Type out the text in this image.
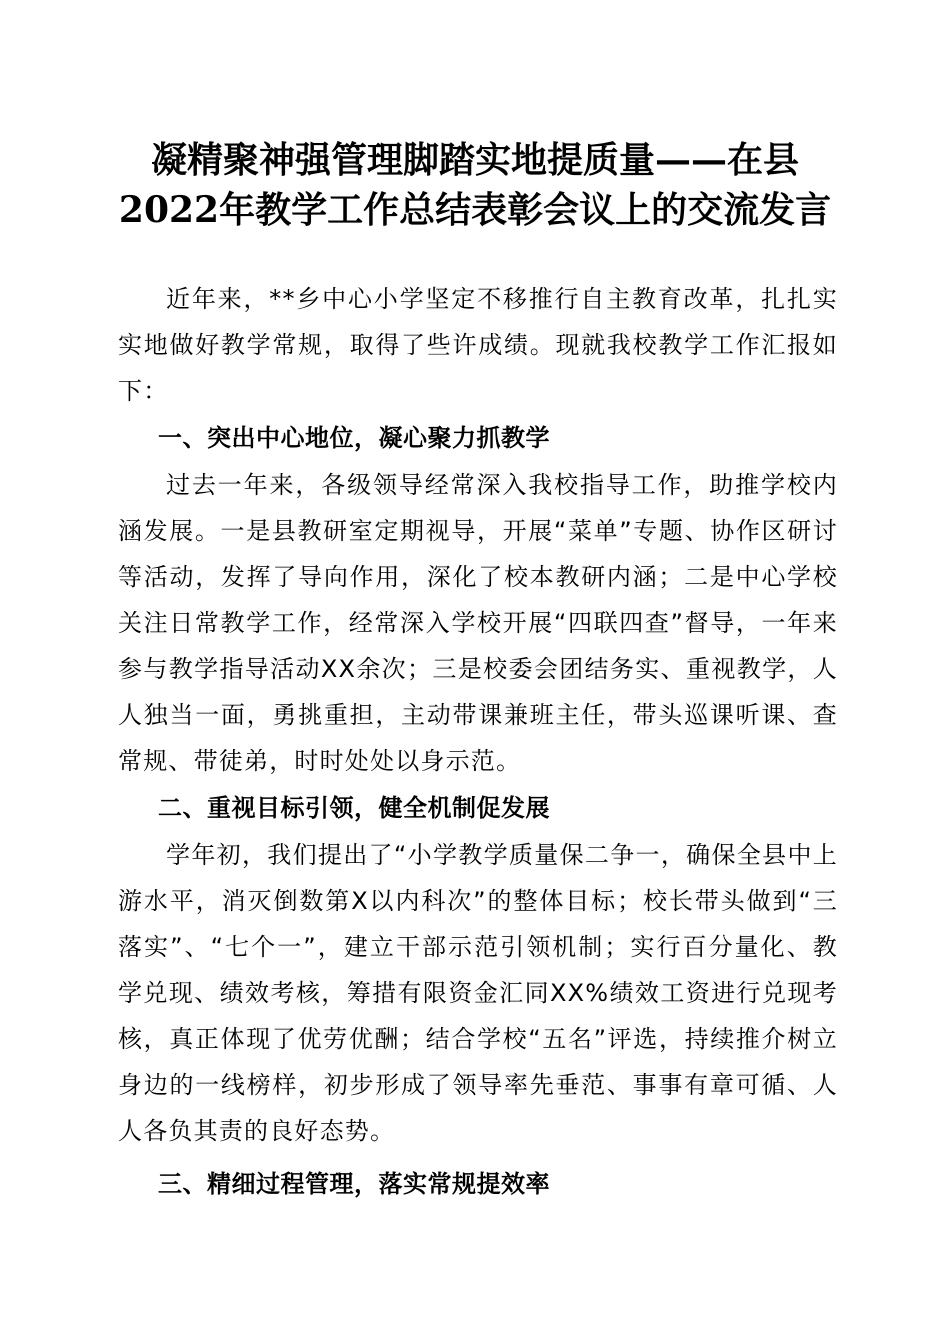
凝精聚神强管理脚踏实地提质量——在县
2022年教学工作总结表彰会议上的交流发言

近年来，**乡中心小学坚定不移推行自主教育改革，扎扎实实地做好教学常规，取得了些许成绩。现就我校教学工作汇报如下：

一、突出中心地位，凝心聚力抓教学

过去一年来，各级领导经常深入我校指导工作，助推学校内涵发展。一是县教研室定期视导，开展“菜单”专题、协作区研讨等活动，发挥了导向作用，深化了校本教研内涵；二是中心学校关注日常教学工作，经常深入学校开展“四联四查”督导，一年来参与教学指导活动XX余次；三是校委会团结务实、重视教学，人人独当一面，勇挑重担，主动带课兼班主任，带头巡课听课、查常规、带徒弟，时时处处以身示范。

二、重视目标引领，健全机制促发展

学年初，我们提出了“小学教学质量保二争一，确保全县中上游水平，消灭倒数第X以内科次”的整体目标；校长带头做到“三落实”、“七个一”，建立干部示范引领机制；实行百分量化、教学兑现、绩效考核，筹措有限资金汇同XX%绩效工资进行兑现考核，真正体现了优劳优酬；结合学校“五名”评选，持续推介树立身边的一线榜样，初步形成了领导率先垂范、事事有章可循、人人各负其责的良好态势。

三、精细过程管理，落实常规提效率
